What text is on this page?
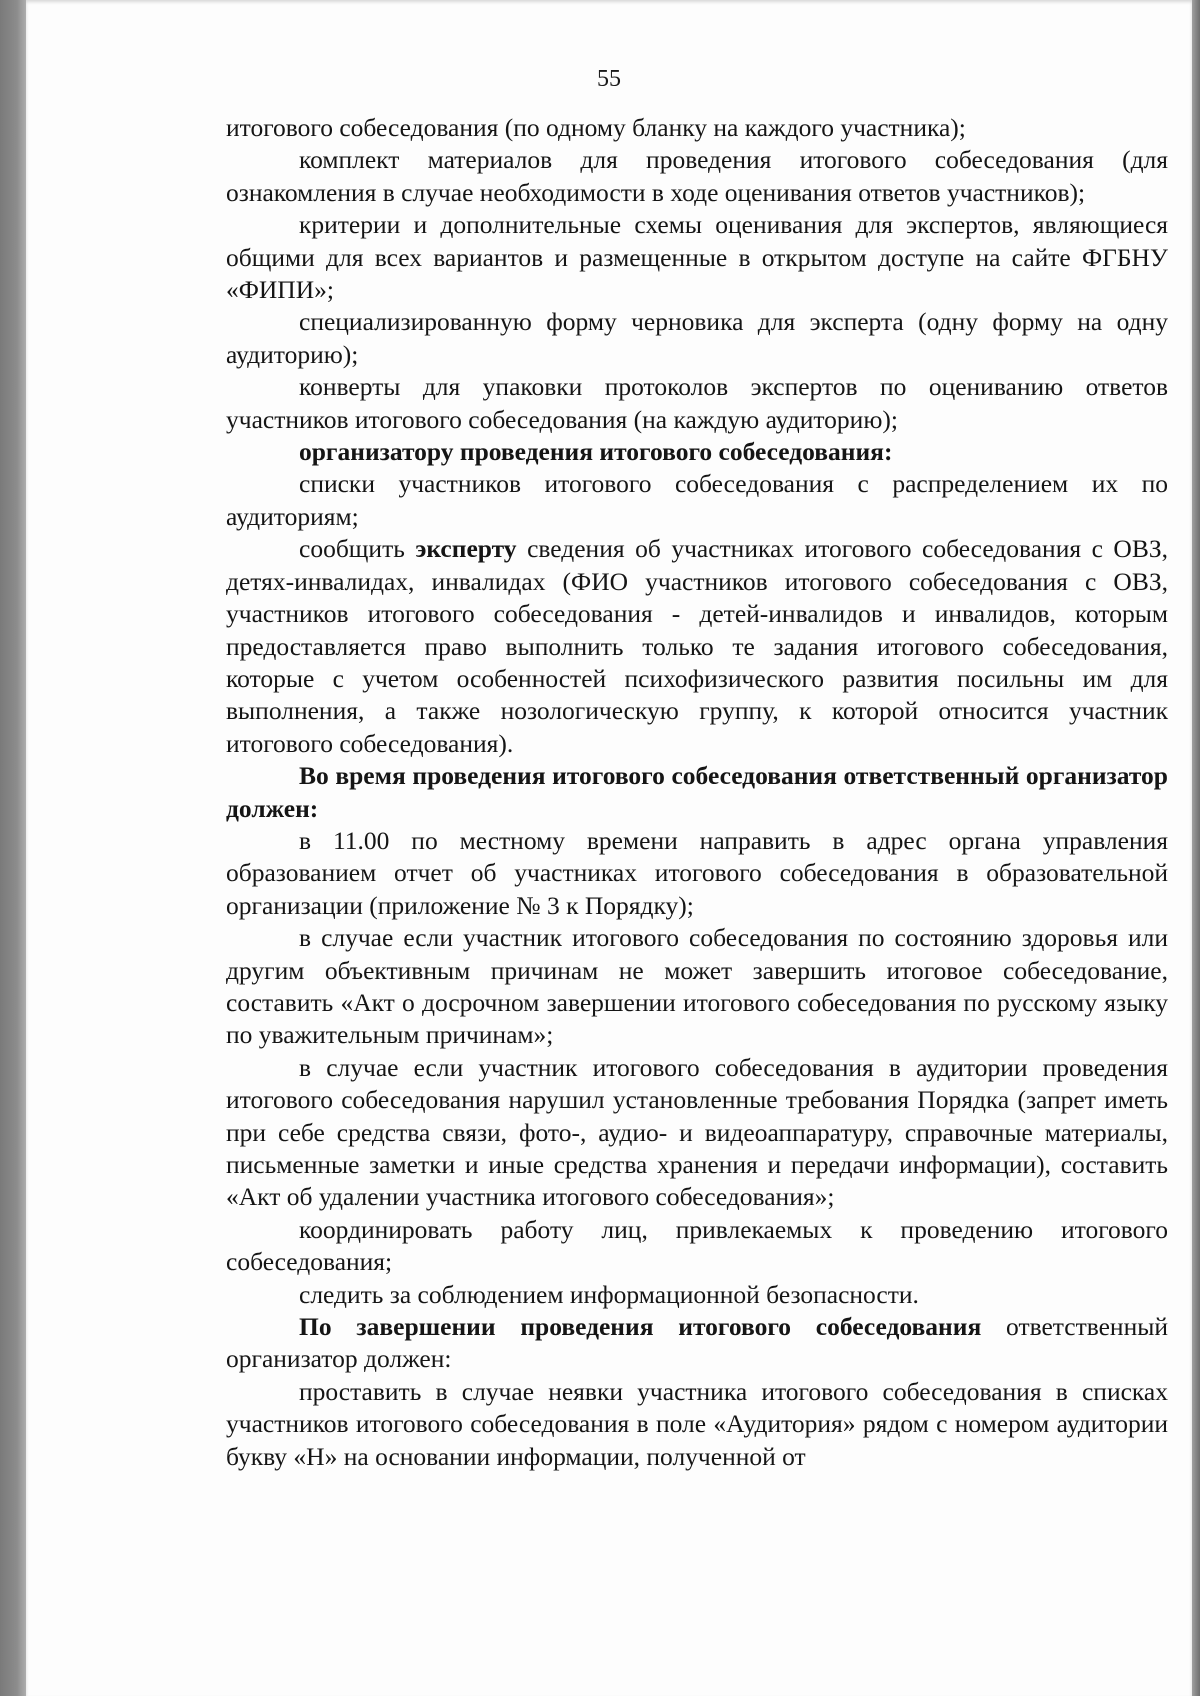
55

итогового собеседования (по одному бланку на каждого участника);

комплект материалов для проведения итогового собеседования (для ознакомления в случае необходимости в ходе оценивания ответов участников);

критерии и дополнительные схемы оценивания для экспертов, являющиеся общими для всех вариантов и размещенные в открытом доступе на сайте ФГБНУ «ФИПИ»;

специализированную форму черновика для эксперта (одну форму на одну аудиторию);

конверты для упаковки протоколов экспертов по оцениванию ответов участников итогового собеседования (на каждую аудиторию);

организатору проведения итогового собеседования:

списки участников итогового собеседования с распределением их по аудиториям;

сообщить эксперту сведения об участниках итогового собеседования с ОВЗ, детях-инвалидах, инвалидах (ФИО участников итогового собеседования с ОВЗ, участников итогового собеседования - детей-инвалидов и инвалидов, которым предоставляется право выполнить только те задания итогового собеседования, которые с учетом особенностей психофизического развития посильны им для выполнения, а также нозологическую группу, к которой относится участник итогового собеседования).

Во время проведения итогового собеседования ответственный организатор должен:

в 11.00 по местному времени направить в адрес органа управления образованием отчет об участниках итогового собеседования в образовательной организации (приложение № 3 к Порядку);

в случае если участник итогового собеседования по состоянию здоровья или другим объективным причинам не может завершить итоговое собеседование, составить «Акт о досрочном завершении итогового собеседования по русскому языку по уважительным причинам»;

в случае если участник итогового собеседования в аудитории проведения итогового собеседования нарушил установленные требования Порядка (запрет иметь при себе средства связи, фото-, аудио- и видеоаппаратуру, справочные материалы, письменные заметки и иные средства хранения и передачи информации), составить «Акт об удалении участника итогового собеседования»;

координировать работу лиц, привлекаемых к проведению итогового собеседования;

следить за соблюдением информационной безопасности.

По завершении проведения итогового собеседования ответственный организатор должен:

проставить в случае неявки участника итогового собеседования в списках участников итогового собеседования в поле «Аудитория» рядом с номером аудитории букву «Н» на основании информации, полученной от
